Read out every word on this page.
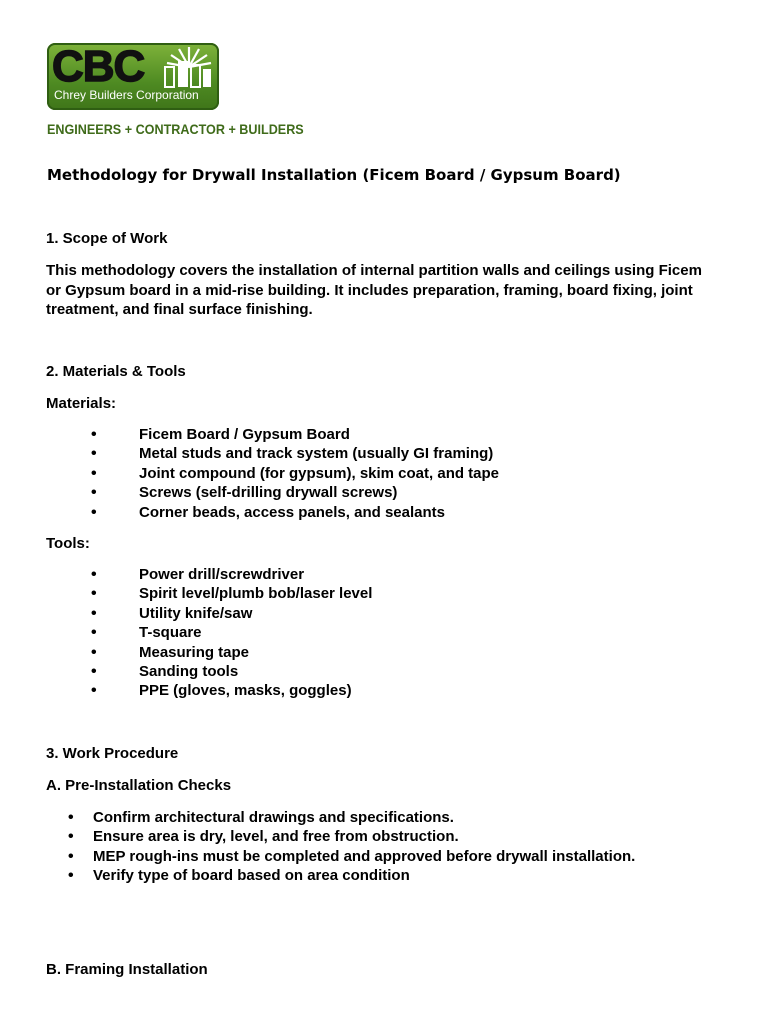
CBC
Chrey Builders Corporation
ENGINEERS + CONTRACTOR + BUILDERS
Methodology for Drywall Installation (Ficem Board / Gypsum Board)

1. Scope of Work

This methodology covers the installation of internal partition walls and ceilings using Ficem or Gypsum board in a mid-rise building. It includes preparation, framing, board fixing, joint treatment, and final surface finishing.

2. Materials & Tools

Materials:

• Ficem Board / Gypsum Board
• Metal studs and track system (usually GI framing)
• Joint compound (for gypsum), skim coat, and tape
• Screws (self-drilling drywall screws)
• Corner beads, access panels, and sealants

Tools:

• Power drill/screwdriver
• Spirit level/plumb bob/laser level
• Utility knife/saw
• T-square
• Measuring tape
• Sanding tools
• PPE (gloves, masks, goggles)

3. Work Procedure

A. Pre-Installation Checks

• Confirm architectural drawings and specifications.
• Ensure area is dry, level, and free from obstruction.
• MEP rough-ins must be completed and approved before drywall installation.
• Verify type of board based on area condition

B. Framing Installation
